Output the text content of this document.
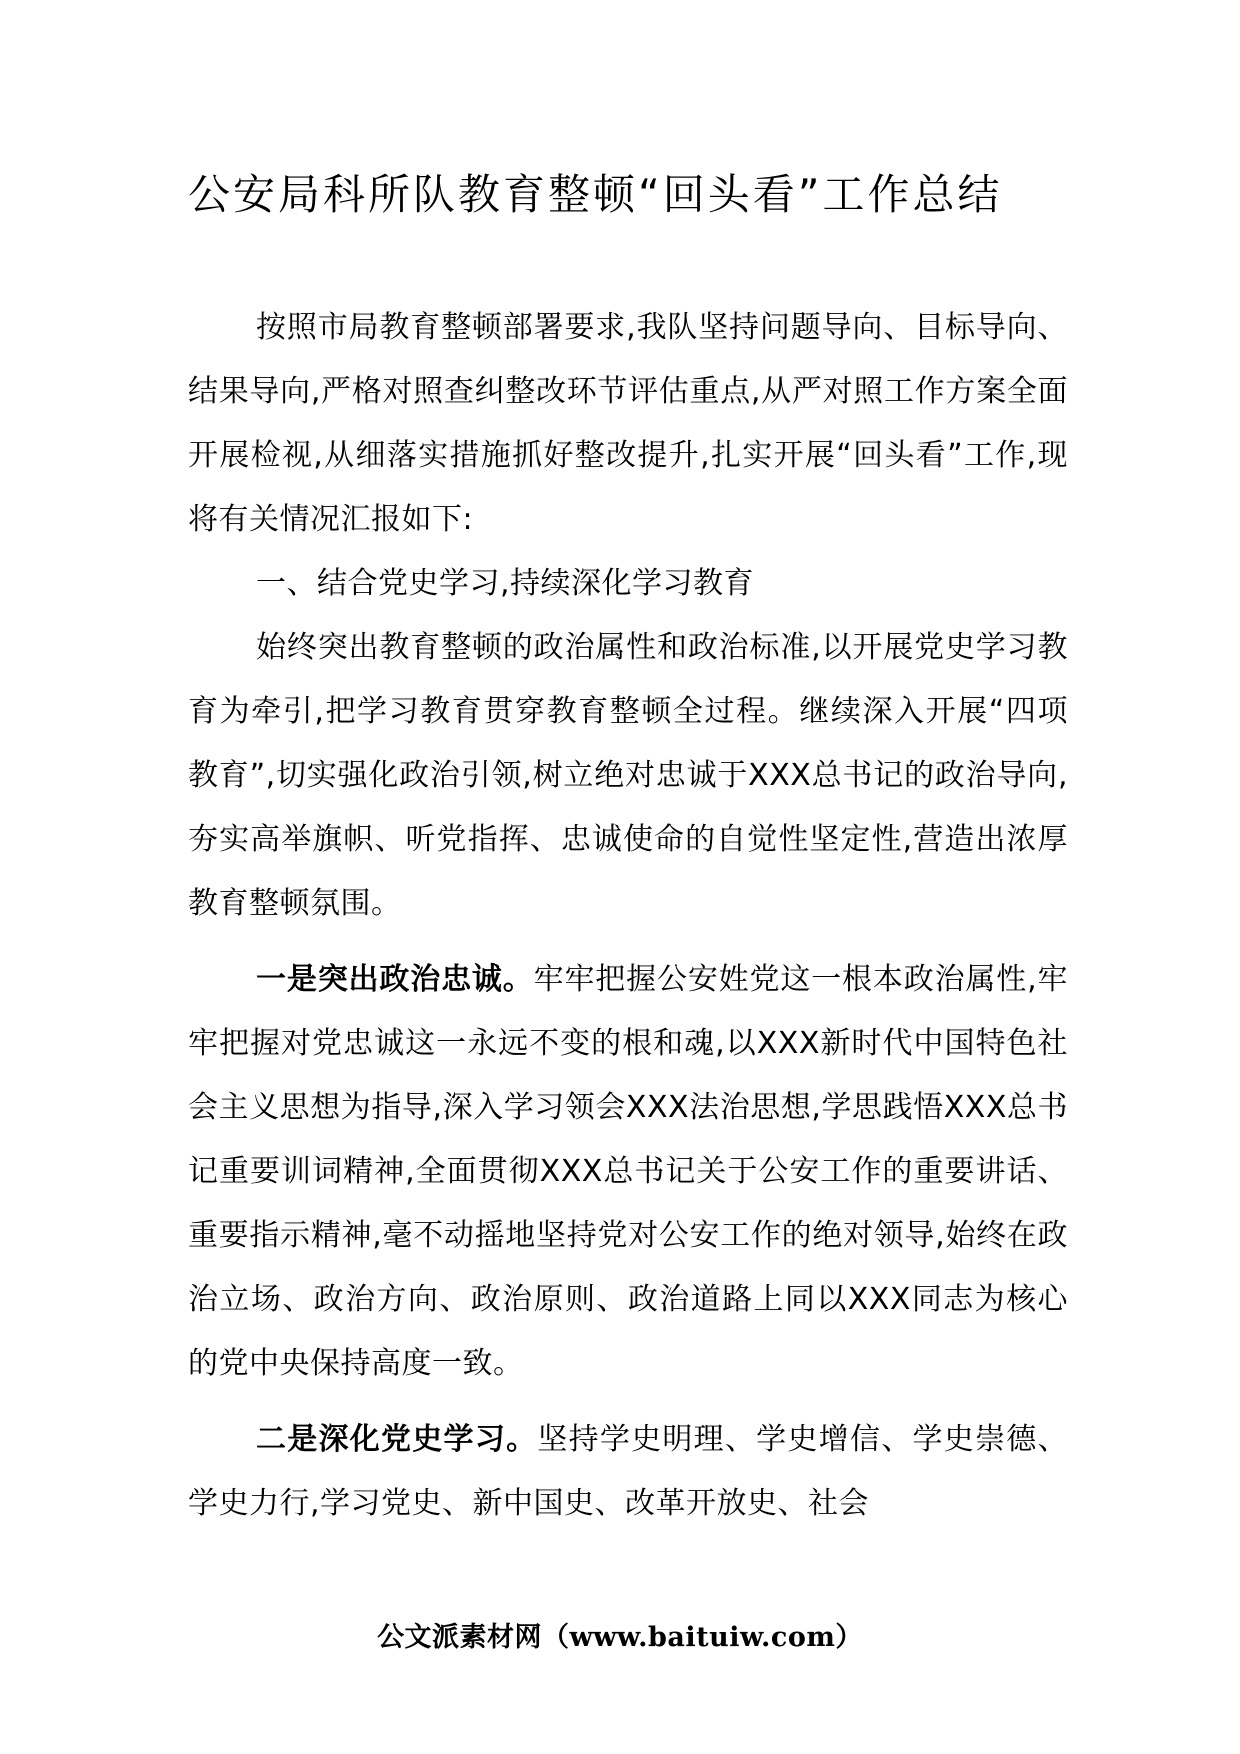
公安局科所队教育整顿“回头看”工作总结

按照市局教育整顿部署要求,我队坚持问题导向、目标导向、结果导向,严格对照查纠整改环节评估重点,从严对照工作方案全面开展检视,从细落实措施抓好整改提升,扎实开展“回头看”工作,现将有关情况汇报如下:

一、结合党史学习,持续深化学习教育

始终突出教育整顿的政治属性和政治标准,以开展党史学习教育为牵引,把学习教育贯穿教育整顿全过程。继续深入开展“四项教育”,切实强化政治引领,树立绝对忠诚于XXX总书记的政治导向,夯实高举旗帜、听党指挥、忠诚使命的自觉性坚定性,营造出浓厚教育整顿氛围。

一是突出政治忠诚。牢牢把握公安姓党这一根本政治属性,牢牢把握对党忠诚这一永远不变的根和魂,以XXX新时代中国特色社会主义思想为指导,深入学习领会XXX法治思想,学思践悟XXX总书记重要训词精神,全面贯彻XXX总书记关于公安工作的重要讲话、重要指示精神,毫不动摇地坚持党对公安工作的绝对领导,始终在政治立场、政治方向、政治原则、政治道路上同以XXX同志为核心的党中央保持高度一致。

二是深化党史学习。坚持学史明理、学史增信、学史崇德、学史力行,学习党史、新中国史、改革开放史、社会

公文派素材网（www.baituiw.com）
